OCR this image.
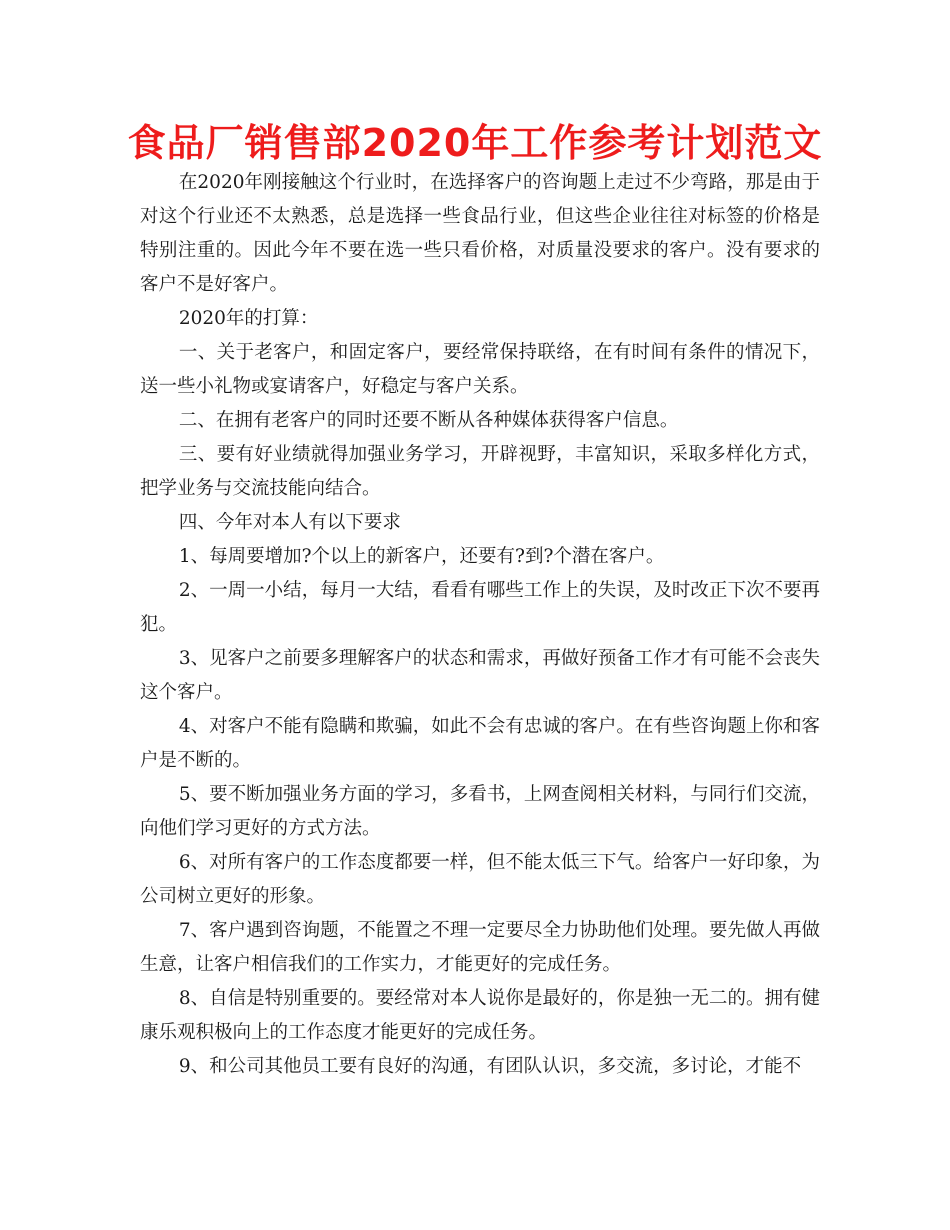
食品厂销售部2020年工作参考计划范文

在2020年刚接触这个行业时，在选择客户的咨询题上走过不少弯路，那是由于对这个行业还不太熟悉，总是选择一些食品行业，但这些企业往往对标签的价格是特别注重的。因此今年不要在选一些只看价格，对质量没要求的客户。没有要求的客户不是好客户。

2020年的打算：

一、关于老客户，和固定客户，要经常保持联络，在有时间有条件的情况下，送一些小礼物或宴请客户，好稳定与客户关系。

二、在拥有老客户的同时还要不断从各种媒体获得客户信息。

三、要有好业绩就得加强业务学习，开辟视野，丰富知识，采取多样化方式，把学业务与交流技能向结合。

四、今年对本人有以下要求

1、每周要增加?个以上的新客户，还要有?到?个潜在客户。

2、一周一小结，每月一大结，看看有哪些工作上的失误，及时改正下次不要再犯。

3、见客户之前要多理解客户的状态和需求，再做好预备工作才有可能不会丧失这个客户。

4、对客户不能有隐瞒和欺骗，如此不会有忠诚的客户。在有些咨询题上你和客户是不断的。

5、要不断加强业务方面的学习，多看书，上网查阅相关材料，与同行们交流，向他们学习更好的方式方法。

6、对所有客户的工作态度都要一样，但不能太低三下气。给客户一好印象，为公司树立更好的形象。

7、客户遇到咨询题，不能置之不理一定要尽全力协助他们处理。要先做人再做生意，让客户相信我们的工作实力，才能更好的完成任务。

8、自信是特别重要的。要经常对本人说你是最好的，你是独一无二的。拥有健康乐观积极向上的工作态度才能更好的完成任务。

9、和公司其他员工要有良好的沟通，有团队认识，多交流，多讨论，才能不
